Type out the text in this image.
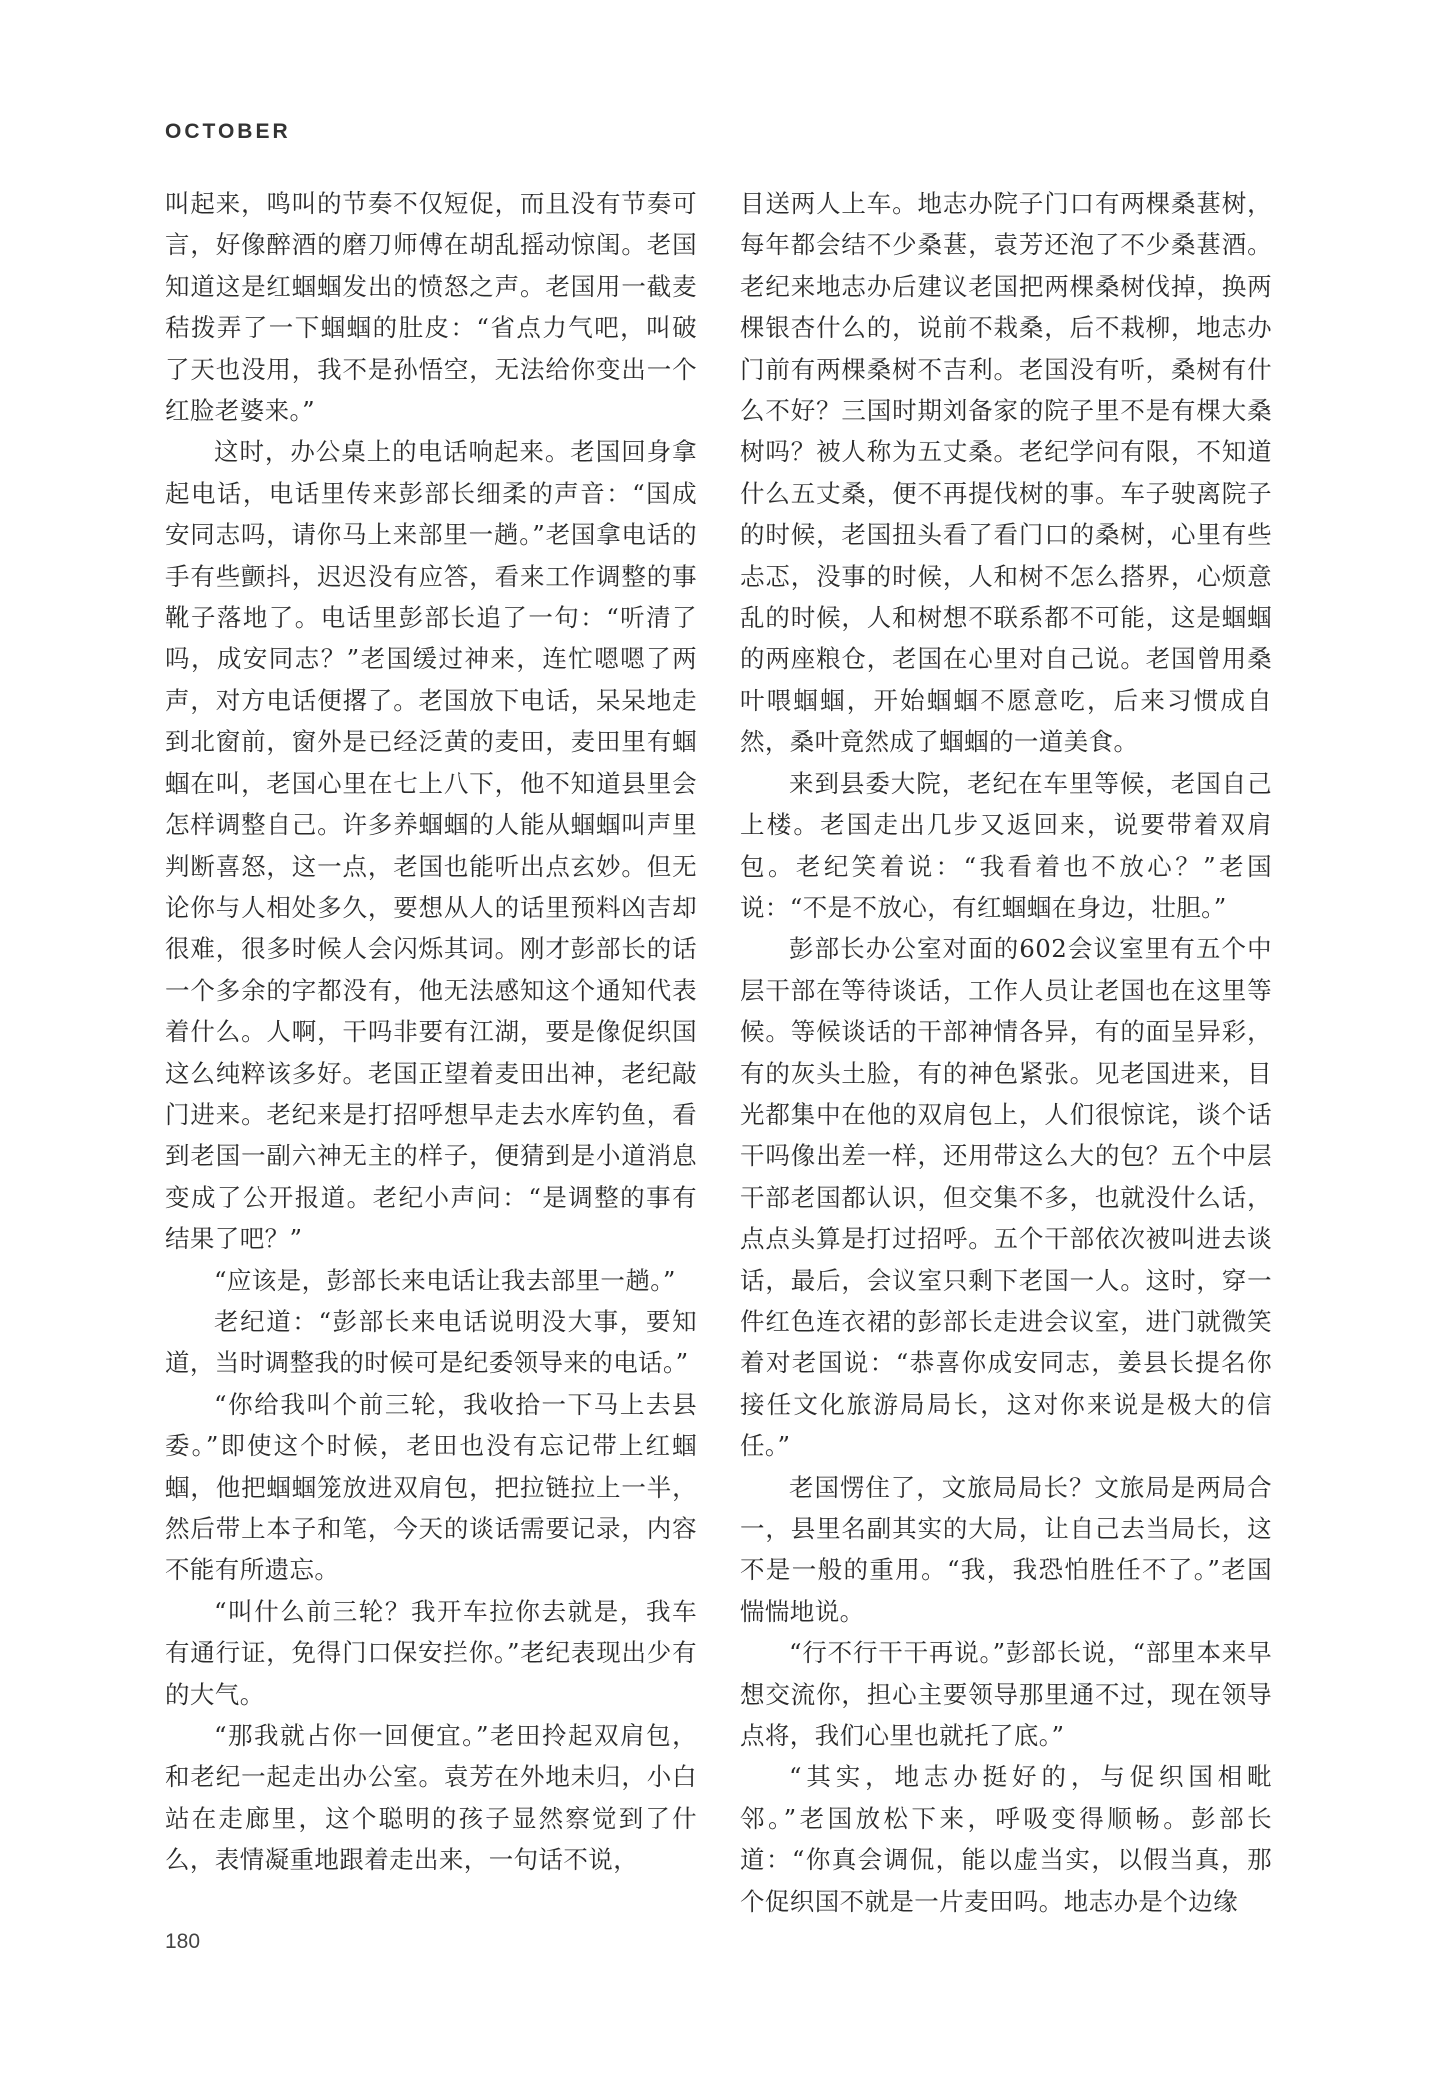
OCTOBER

叫起来，鸣叫的节奏不仅短促，而且没有节奏可言，好像醉酒的磨刀师傅在胡乱摇动惊闺。老国知道这是红蝈蝈发出的愤怒之声。老国用一截麦秸拨弄了一下蝈蝈的肚皮：“省点力气吧，叫破了天也没用，我不是孙悟空，无法给你变出一个红脸老婆来。”

这时，办公桌上的电话响起来。老国回身拿起电话，电话里传来彭部长细柔的声音：“国成安同志吗，请你马上来部里一趟。”老国拿电话的手有些颤抖，迟迟没有应答，看来工作调整的事靴子落地了。电话里彭部长追了一句：“听清了吗，成安同志？”老国缓过神来，连忙嗯嗯了两声，对方电话便撂了。老国放下电话，呆呆地走到北窗前，窗外是已经泛黄的麦田，麦田里有蝈蝈在叫，老国心里在七上八下，他不知道县里会怎样调整自己。许多养蝈蝈的人能从蝈蝈叫声里判断喜怒，这一点，老国也能听出点玄妙。但无论你与人相处多久，要想从人的话里预料凶吉却很难，很多时候人会闪烁其词。刚才彭部长的话一个多余的字都没有，他无法感知这个通知代表着什么。人啊，干吗非要有江湖，要是像促织国这么纯粹该多好。老国正望着麦田出神，老纪敲门进来。老纪来是打招呼想早走去水库钓鱼，看到老国一副六神无主的样子，便猜到是小道消息变成了公开报道。老纪小声问：“是调整的事有结果了吧？”

“应该是，彭部长来电话让我去部里一趟。”

老纪道：“彭部长来电话说明没大事，要知道，当时调整我的时候可是纪委领导来的电话。”

“你给我叫个前三轮，我收拾一下马上去县委。”即使这个时候，老田也没有忘记带上红蝈蝈，他把蝈蝈笼放进双肩包，把拉链拉上一半，然后带上本子和笔，今天的谈话需要记录，内容不能有所遗忘。

“叫什么前三轮？我开车拉你去就是，我车有通行证，免得门口保安拦你。”老纪表现出少有的大气。

“那我就占你一回便宜。”老田拎起双肩包，和老纪一起走出办公室。袁芳在外地未归，小白站在走廊里，这个聪明的孩子显然察觉到了什么，表情凝重地跟着走出来，一句话不说，

目送两人上车。地志办院子门口有两棵桑葚树，每年都会结不少桑葚，袁芳还泡了不少桑葚酒。老纪来地志办后建议老国把两棵桑树伐掉，换两棵银杏什么的，说前不栽桑，后不栽柳，地志办门前有两棵桑树不吉利。老国没有听，桑树有什么不好？三国时期刘备家的院子里不是有棵大桑树吗？被人称为五丈桑。老纪学问有限，不知道什么五丈桑，便不再提伐树的事。车子驶离院子的时候，老国扭头看了看门口的桑树，心里有些忐忑，没事的时候，人和树不怎么搭界，心烦意乱的时候，人和树想不联系都不可能，这是蝈蝈的两座粮仓，老国在心里对自己说。老国曾用桑叶喂蝈蝈，开始蝈蝈不愿意吃，后来习惯成自然，桑叶竟然成了蝈蝈的一道美食。

来到县委大院，老纪在车里等候，老国自己上楼。老国走出几步又返回来，说要带着双肩包。老纪笑着说：“我看着也不放心？”老国说：“不是不放心，有红蝈蝈在身边，壮胆。”

彭部长办公室对面的602会议室里有五个中层干部在等待谈话，工作人员让老国也在这里等候。等候谈话的干部神情各异，有的面呈异彩，有的灰头土脸，有的神色紧张。见老国进来，目光都集中在他的双肩包上，人们很惊诧，谈个话干吗像出差一样，还用带这么大的包？五个中层干部老国都认识，但交集不多，也就没什么话，点点头算是打过招呼。五个干部依次被叫进去谈话，最后，会议室只剩下老国一人。这时，穿一件红色连衣裙的彭部长走进会议室，进门就微笑着对老国说：“恭喜你成安同志，姜县长提名你接任文化旅游局局长，这对你来说是极大的信任。”

老国愣住了，文旅局局长？文旅局是两局合一，县里名副其实的大局，让自己去当局长，这不是一般的重用。“我，我恐怕胜任不了。”老国惴惴地说。

“行不行干干再说。”彭部长说，“部里本来早想交流你，担心主要领导那里通不过，现在领导点将，我们心里也就托了底。”

“其实，地志办挺好的，与促织国相毗邻。”老国放松下来，呼吸变得顺畅。彭部长道：“你真会调侃，能以虚当实，以假当真，那个促织国不就是一片麦田吗。地志办是个边缘

180
